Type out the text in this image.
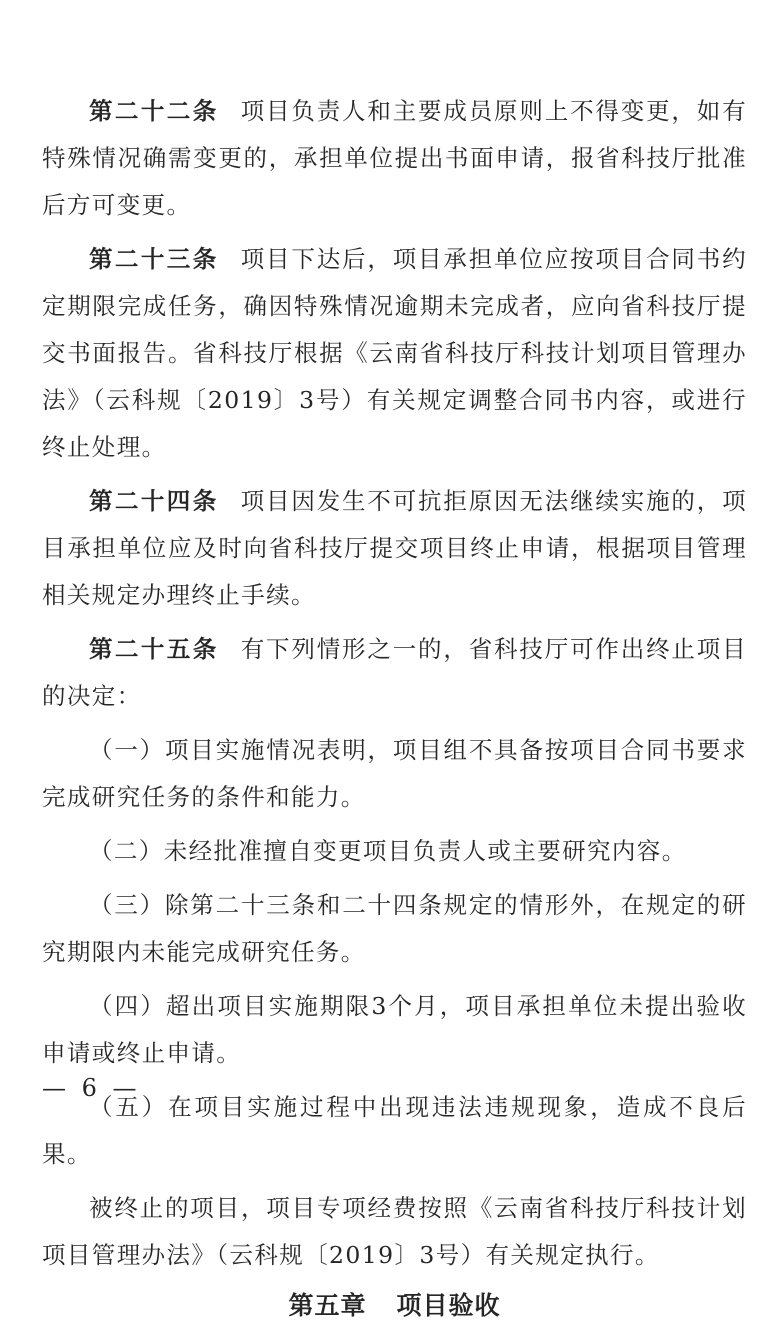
第二十二条 项目负责人和主要成员原则上不得变更，如有特殊情况确需变更的，承担单位提出书面申请，报省科技厅批准后方可变更。

第二十三条 项目下达后，项目承担单位应按项目合同书约定期限完成任务，确因特殊情况逾期未完成者，应向省科技厅提交书面报告。省科技厅根据《云南省科技厅科技计划项目管理办法》（云科规〔2019〕3号）有关规定调整合同书内容，或进行终止处理。

第二十四条 项目因发生不可抗拒原因无法继续实施的，项目承担单位应及时向省科技厅提交项目终止申请，根据项目管理相关规定办理终止手续。

第二十五条 有下列情形之一的，省科技厅可作出终止项目的决定：

（一）项目实施情况表明，项目组不具备按项目合同书要求完成研究任务的条件和能力。

（二）未经批准擅自变更项目负责人或主要研究内容。

（三）除第二十三条和二十四条规定的情形外，在规定的研究期限内未能完成研究任务。

（四）超出项目实施期限3个月，项目承担单位未提出验收申请或终止申请。

（五）在项目实施过程中出现违法违规现象，造成不良后果。

被终止的项目，项目专项经费按照《云南省科技厅科技计划项目管理办法》（云科规〔2019〕3号）有关规定执行。

第五章 项目验收
— 6 —
